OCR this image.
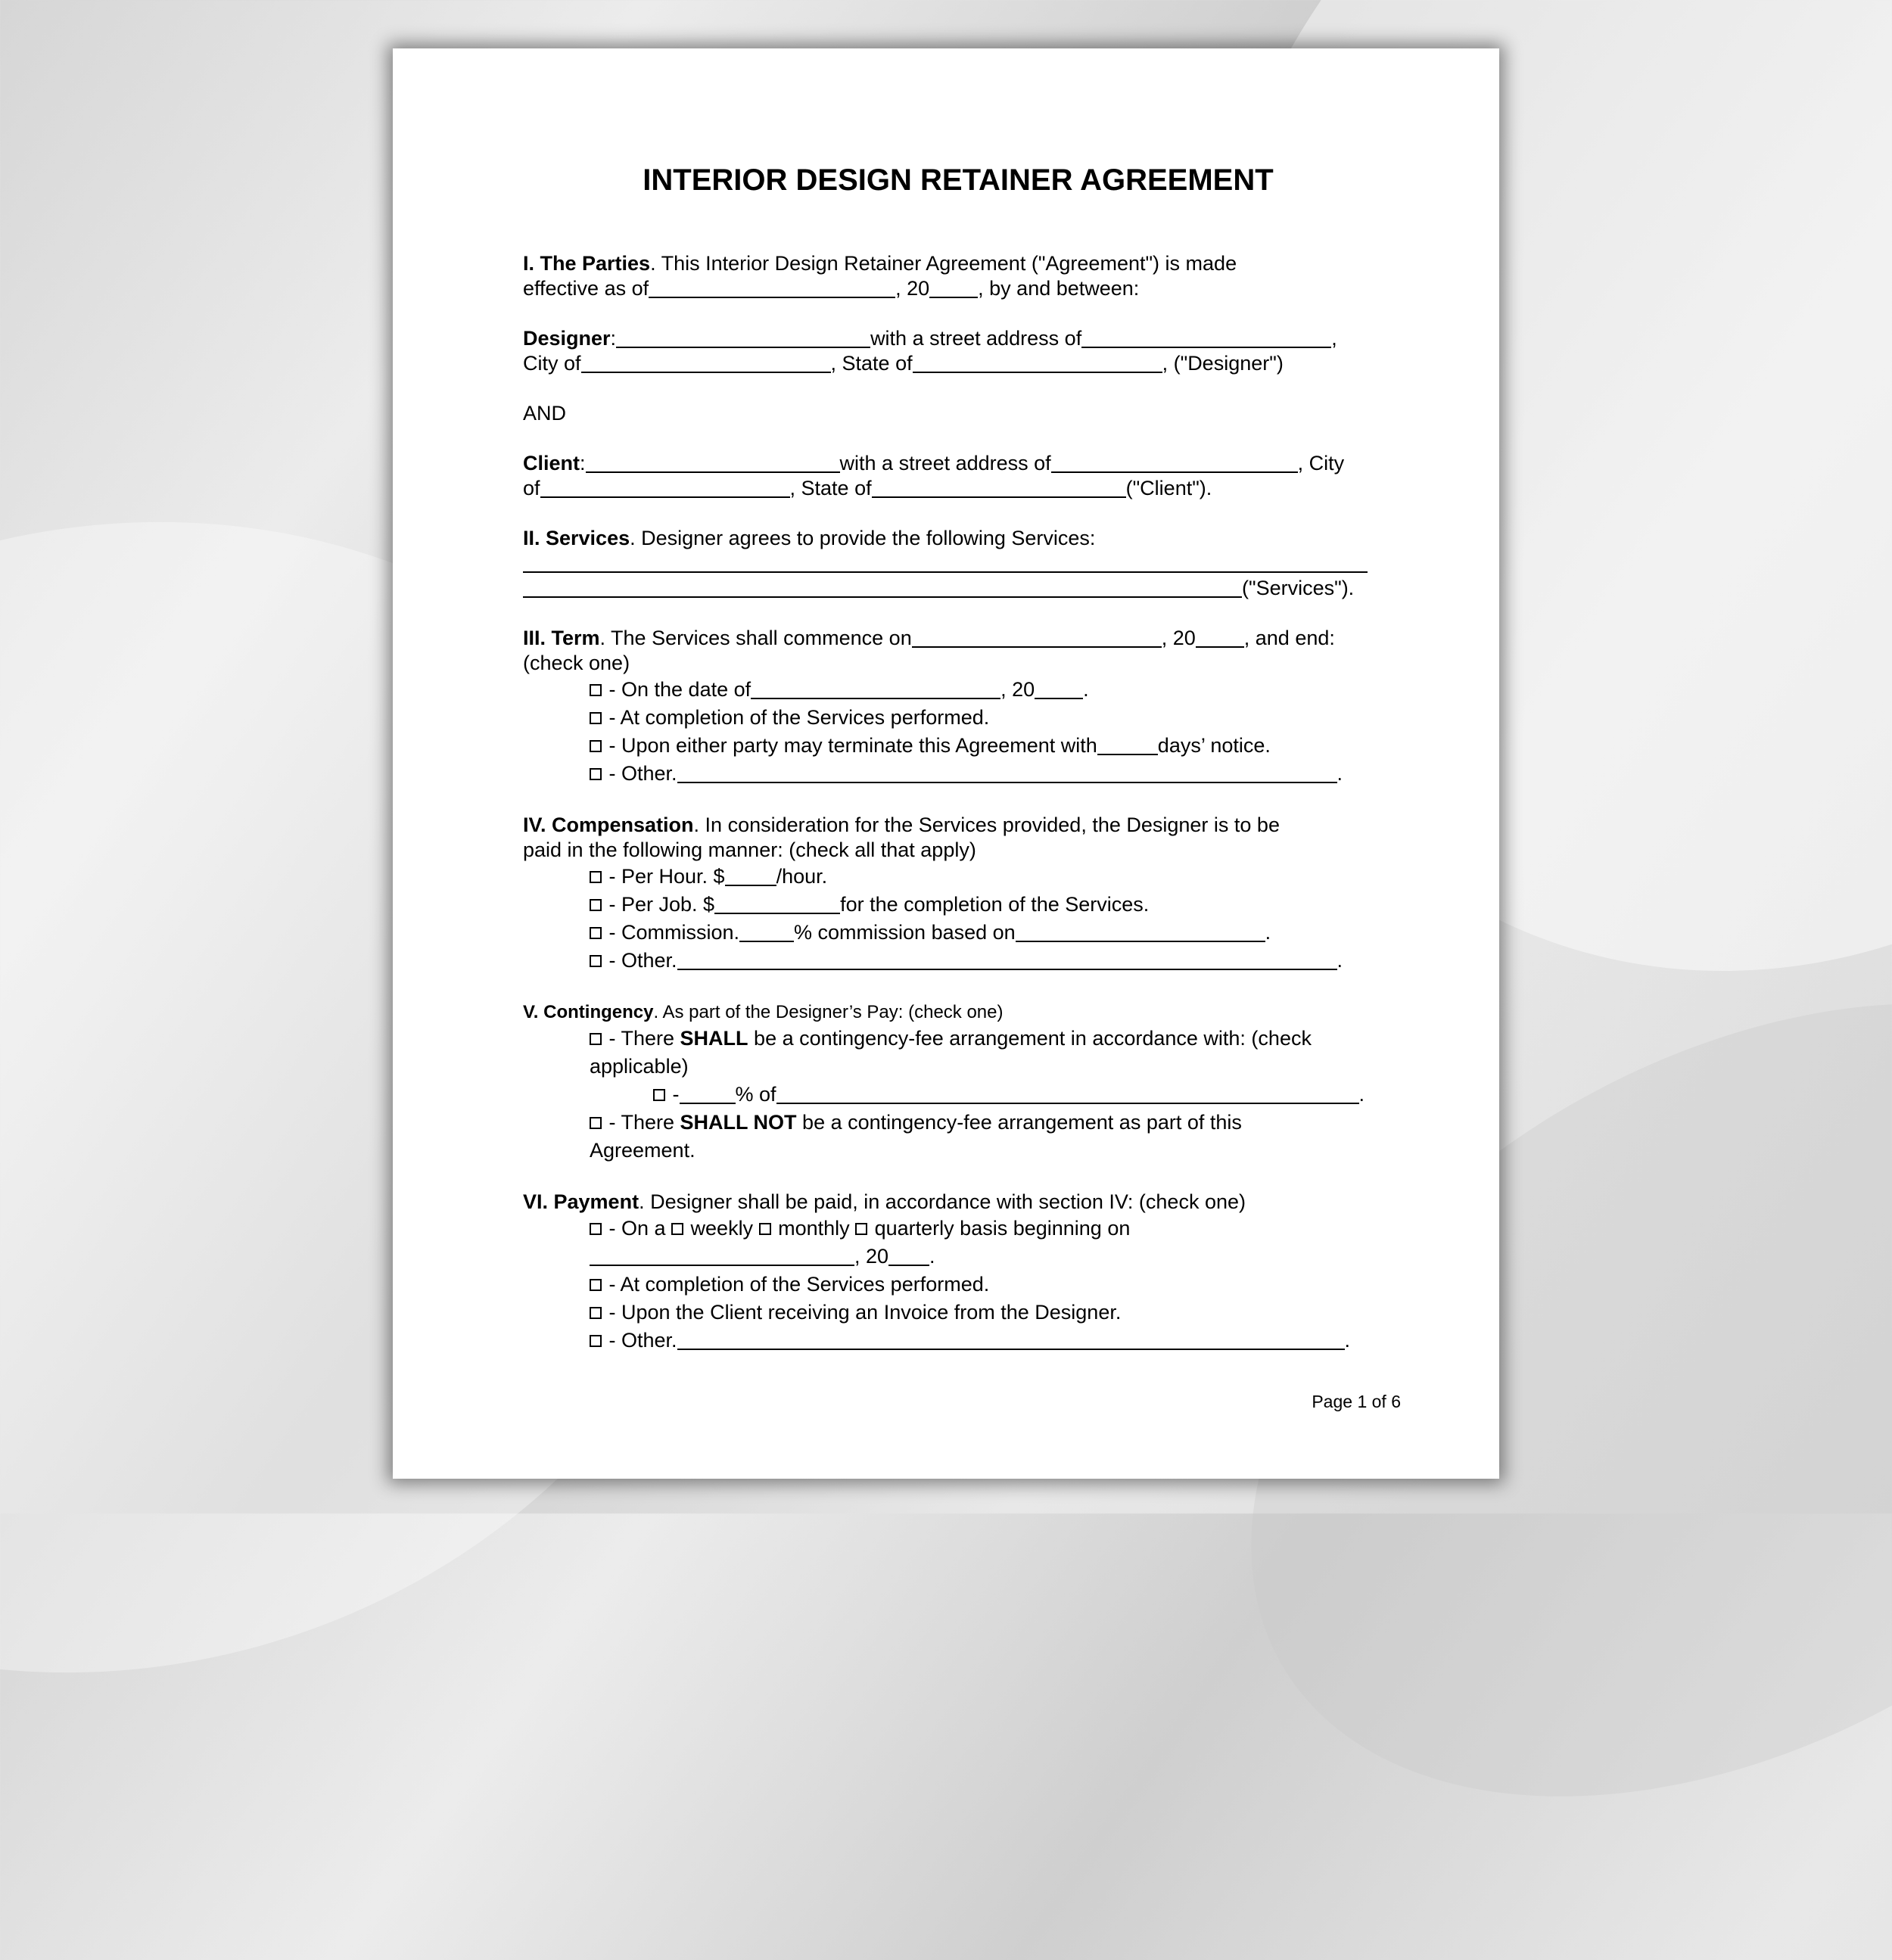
INTERIOR DESIGN RETAINER AGREEMENT

I. The Parties. This Interior Design Retainer Agreement ("Agreement") is made

effective as of	, 20 , by and between:

Designer:	with a street address of	,

City of	, State of	, ("Designer")

AND

Client:	with a street address of	, City

of	, State of	("Client").

II. Services. Designer agrees to provide the following Services:

("Services").

III. Term. The Services shall commence on	, 20 , and end:

(check one)

- On the date of	, 20 .

- At completion of the Services performed.

- Upon either party may terminate this Agreement with	days’ notice.

- Other.	.

IV. Compensation. In consideration for the Services provided, the Designer is to be

paid in the following manner: (check all that apply)

- Per Hour. $	/hour.

- Per Job. $	for the completion of the Services.

- Commission.	% commission based on	.

- Other.	.

V. Contingency. As part of the Designer’s Pay: (check one)

- There SHALL be a contingency-fee arrangement in accordance with: (check

applicable)

-	% of	.

- There SHALL NOT be a contingency-fee arrangement as part of this

Agreement.

VI. Payment. Designer shall be paid, in accordance with section IV: (check one)

- On a  weekly  monthly  quarterly basis beginning on

, 20 .

- At completion of the Services performed.

- Upon the Client receiving an Invoice from the Designer.

- Other.	.

Page 1 of 6
